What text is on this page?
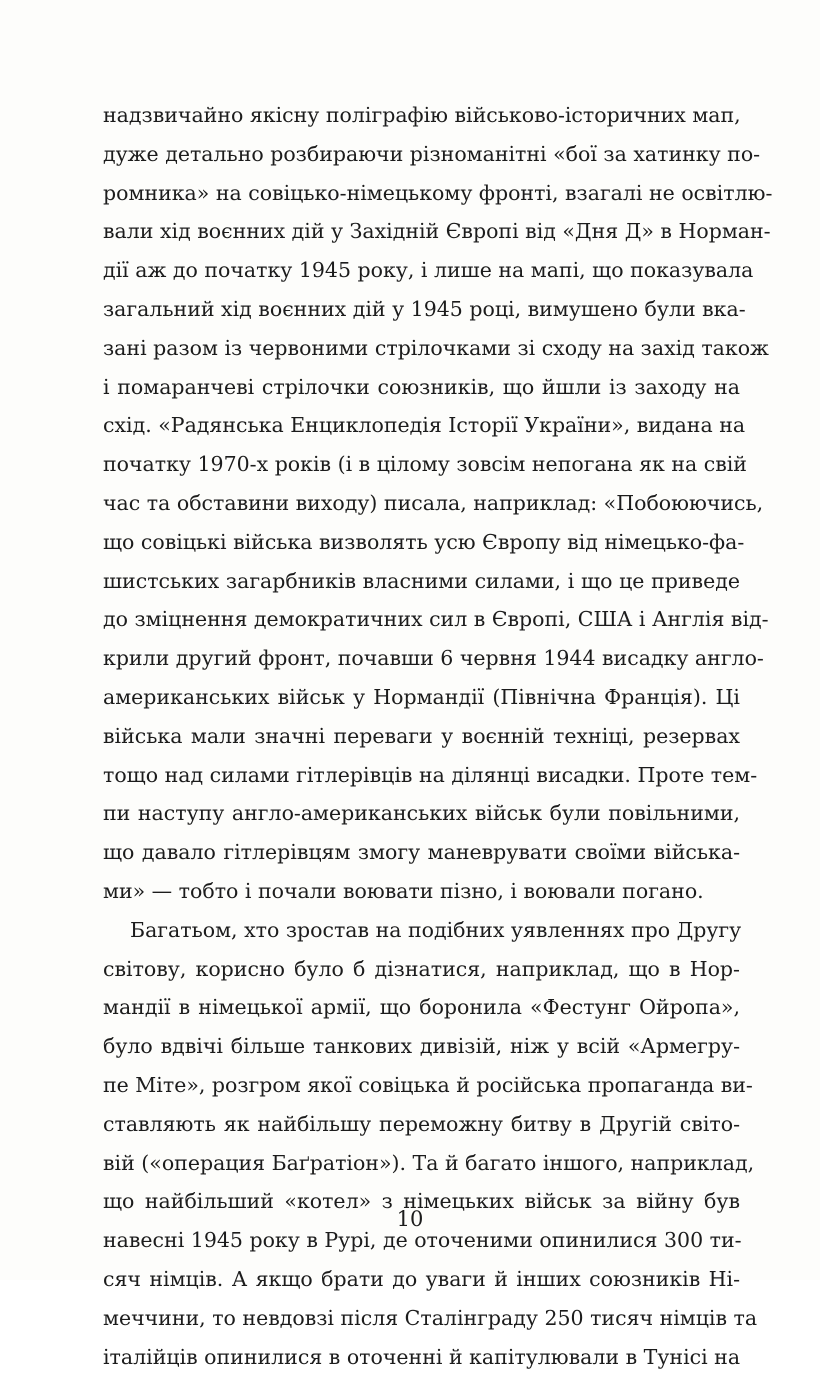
надзвичайно якісну поліграфію військово-історичних мап,
дуже детально розбираючи різноманітні «бої за хатинку по-
ромника» на совіцько-німецькому фронті, взагалі не освітлю-
вали хід воєнних дій у Західній Європі від «Дня Д» в Норман-
дії аж до початку 1945 року, і лише на мапі, що показувала
загальний хід воєнних дій у 1945 році, вимушено були вка-
зані разом із червоними стрілочками зі сходу на захід також
і помаранчеві стрілочки союзників, що йшли із заходу на
схід. «Радянська Енциклопедія Історії України», видана на
початку 1970-х років (і в цілому зовсім непогана як на свій
час та обставини виходу) писала, наприклад: «Побоюючись,
що совіцькі війська визволять усю Європу від німецько-фа-
шистських загарбників власними силами, і що це приведе
до зміцнення демократичних сил в Європі, США і Англія від-
крили другий фронт, почавши 6 червня 1944 висадку англо-
американських військ у Нормандії (Північна Франція). Ці
війська мали значні переваги у воєнній техніці, резервах
тощо над силами гітлерівців на ділянці висадки. Проте тем-
пи наступу англо-американських військ були повільними,
що давало гітлерівцям змогу маневрувати своїми війська-
ми» — тобто і почали воювати пізно, і воювали погано.
Багатьом, хто зростав на подібних уявленнях про Другу
світову, корисно було б дізнатися, наприклад, що в Нор-
мандії в німецької армії, що боронила «Фестунг Ойропа»,
було вдвічі більше танкових дивізій, ніж у всій «Армегру-
пе Міте», розгром якої совіцька й російська пропаганда ви-
ставляють як найбільшу переможну битву в Другій світо-
вій («операция Баґратіон»). Та й багато іншого, наприклад,
що найбільший «котел» з німецьких військ за війну був
навесні 1945 року в Рурі, де оточеними опинилися 300 ти-
сяч німців. А якщо брати до уваги й інших союзників Ні-
меччини, то невдовзі після Сталінграду 250 тисяч німців та
італійців опинилися в оточенні й капітулювали в Тунісі на
10
